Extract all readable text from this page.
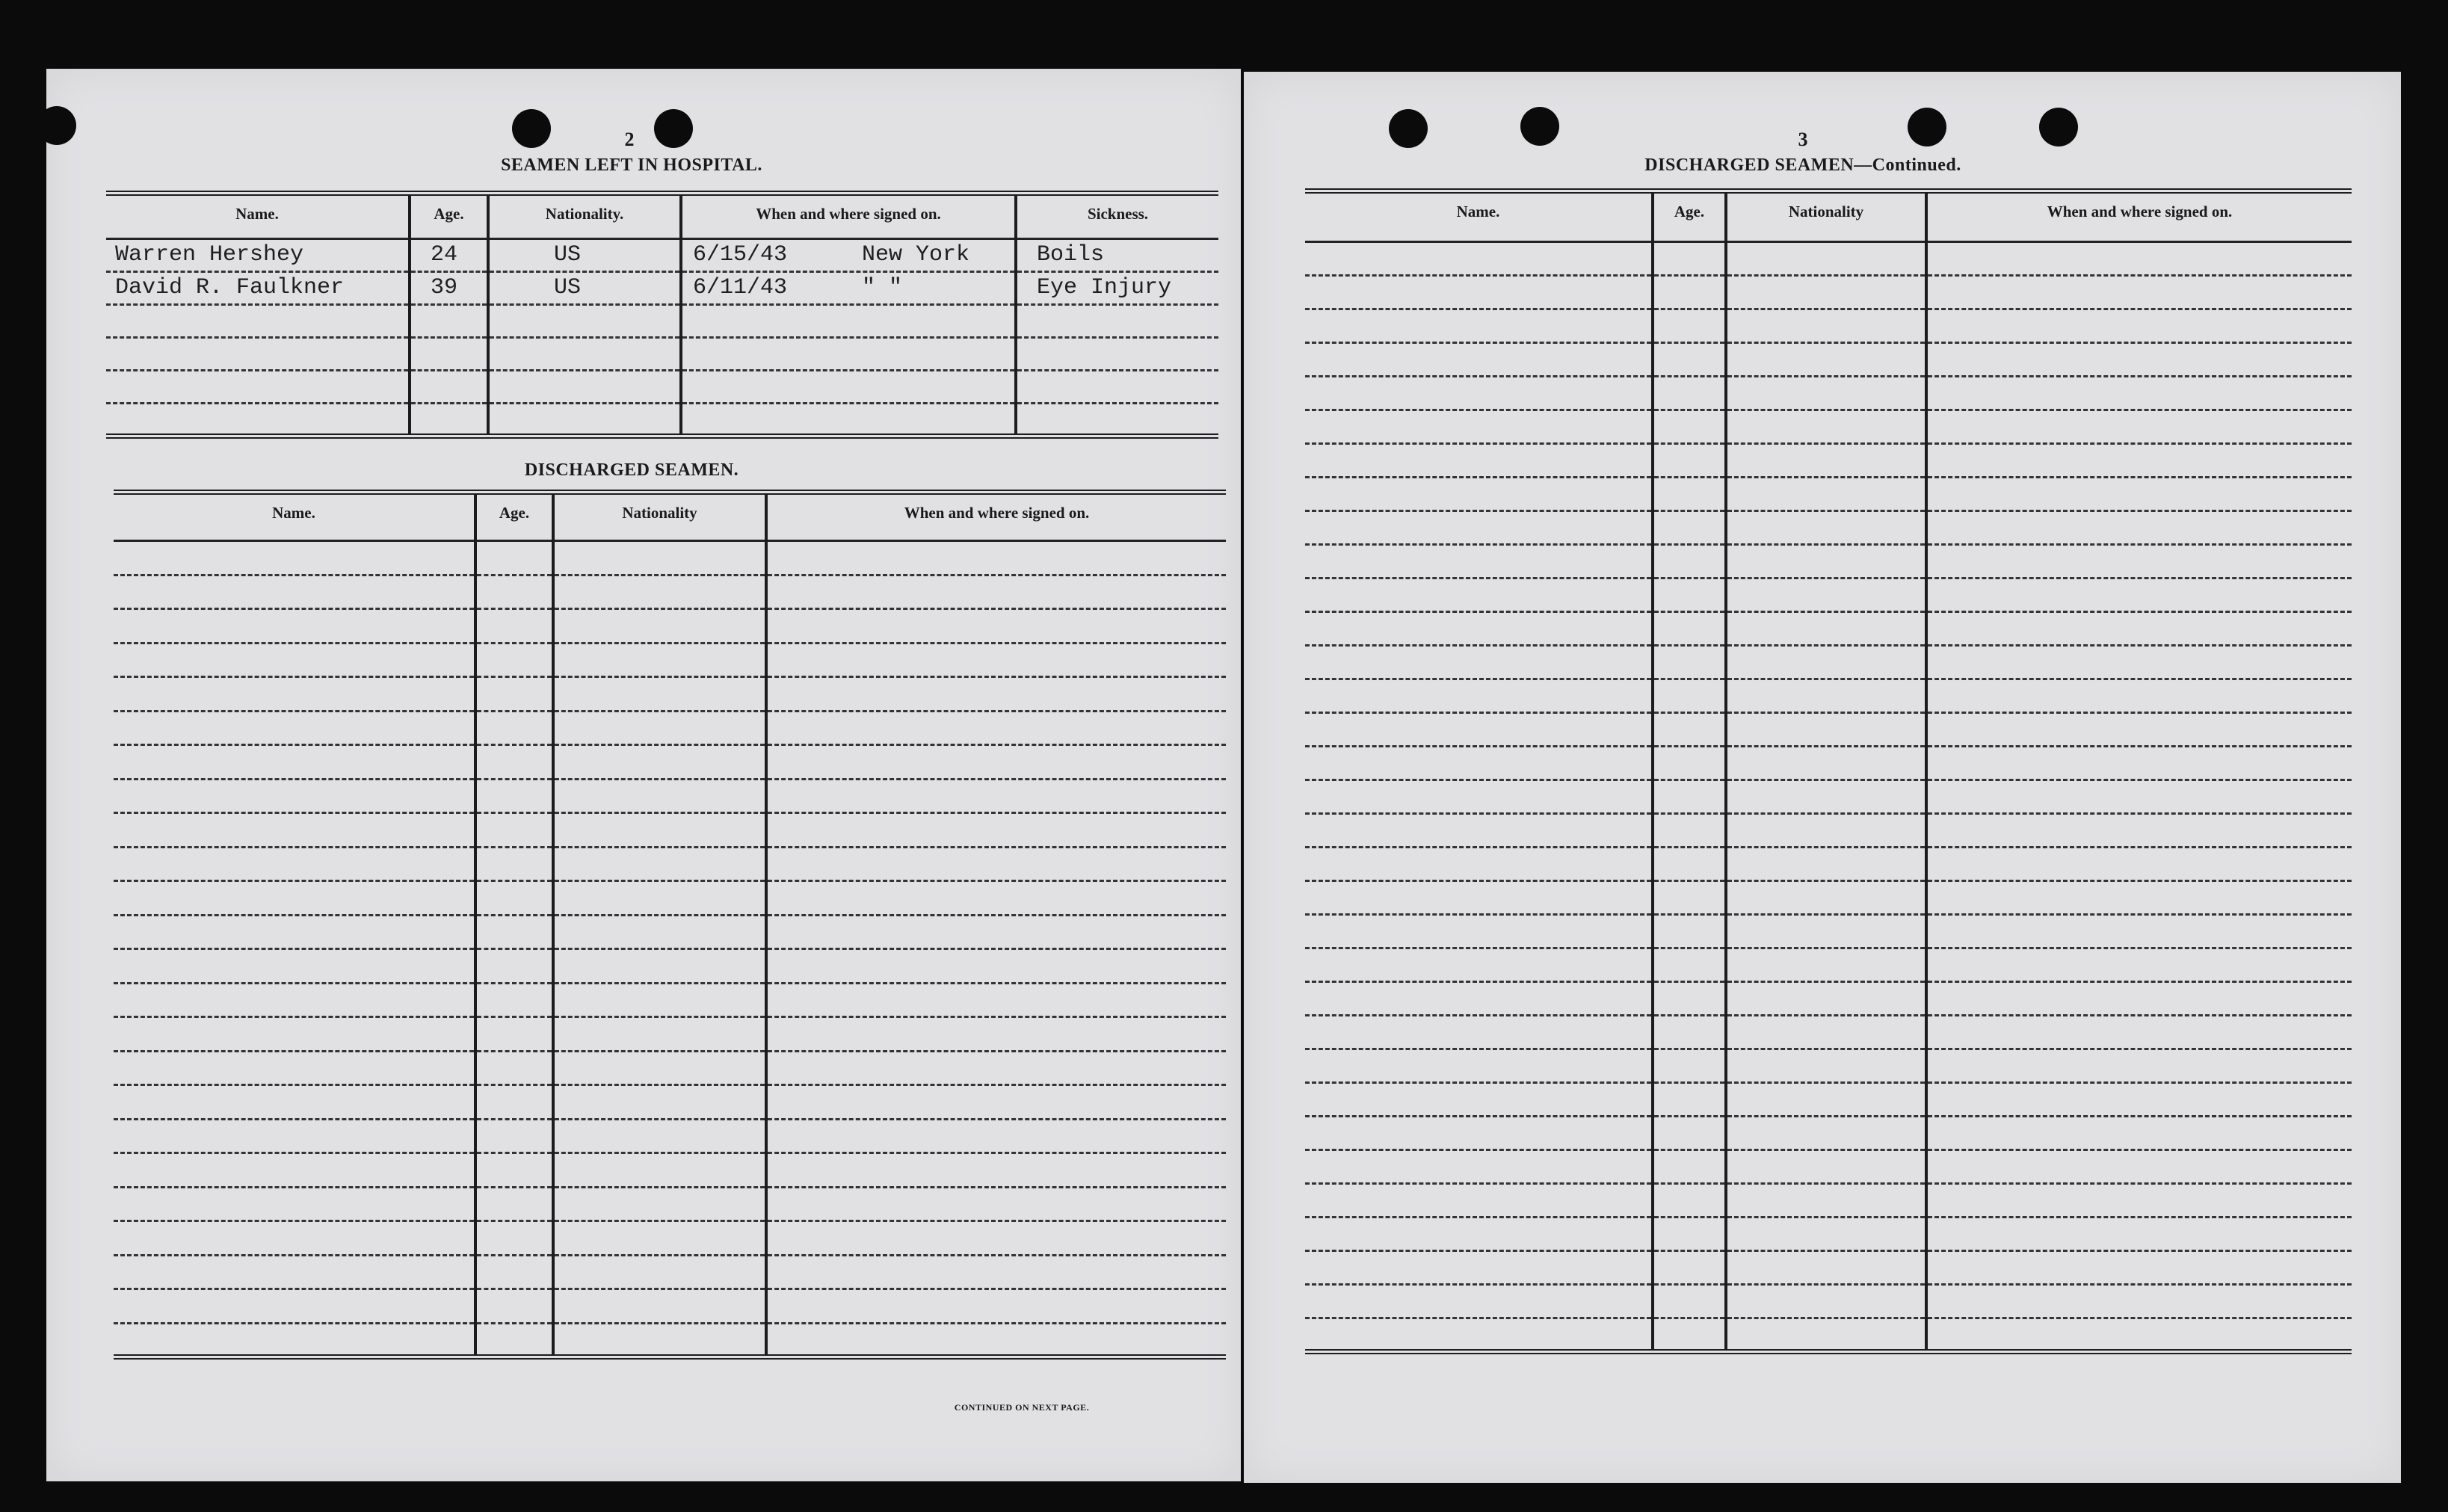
2
SEAMEN LEFT IN HOSPITAL.
Name.	Age.	Nationality.	When and where signed on.	Sickness.
Warren Hershey	24	US	6/15/43 New York	Boils
David R. Faulkner	39	US	6/11/43 " "	Eye Injury

DISCHARGED SEAMEN.
Name.	Age.	Nationality	When and where signed on.

CONTINUED ON NEXT PAGE.
3
DISCHARGED SEAMEN—Continued.
Name.	Age.	Nationality	When and where signed on.
